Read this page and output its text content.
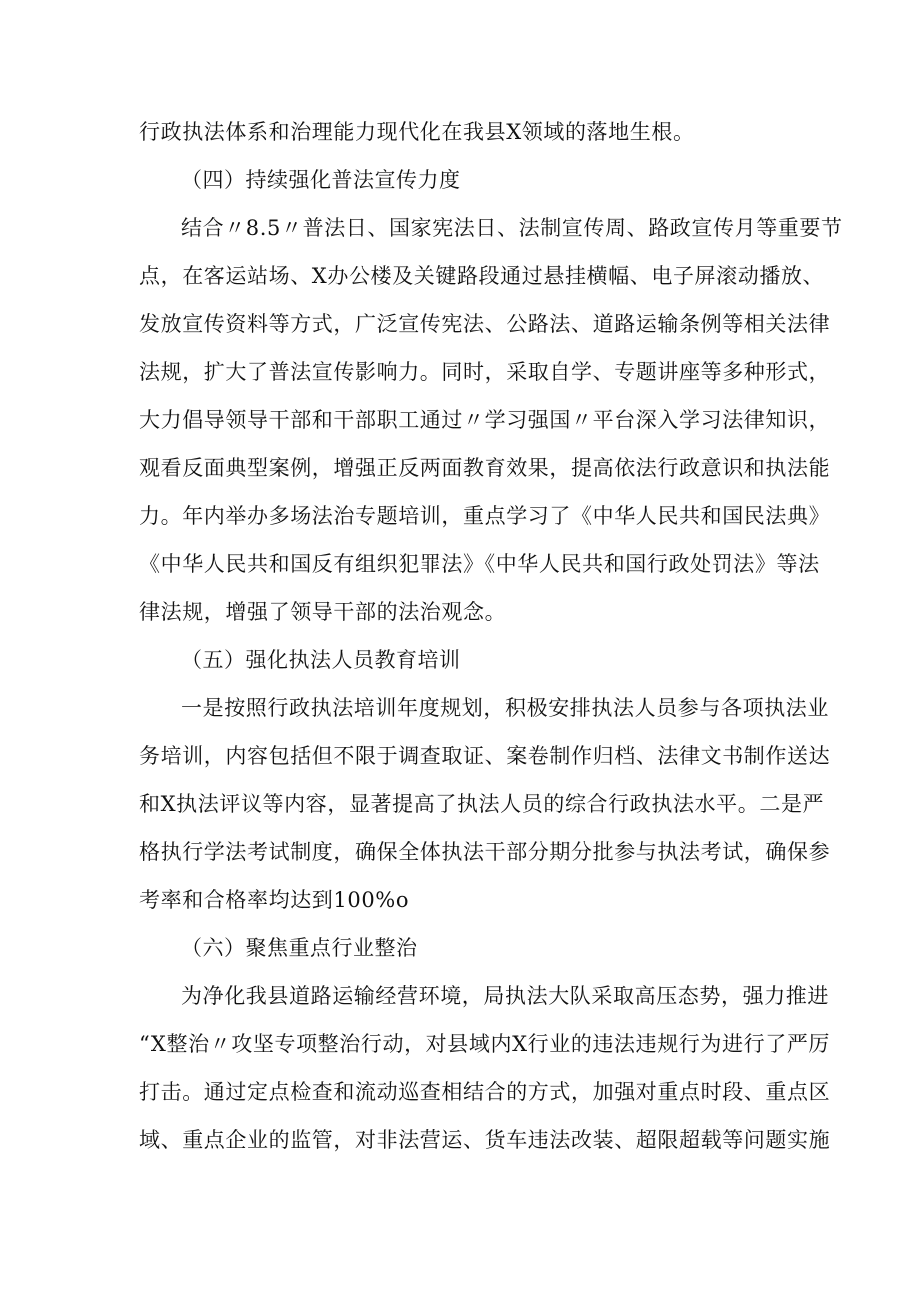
行政执法体系和治理能力现代化在我县X领域的落地生根。
（四）持续强化普法宣传力度
结合〃8.5〃普法日、国家宪法日、法制宣传周、路政宣传月等重要节
点，在客运站场、X办公楼及关键路段通过悬挂横幅、电子屏滚动播放、
发放宣传资料等方式，广泛宣传宪法、公路法、道路运输条例等相关法律
法规，扩大了普法宣传影响力。同时，采取自学、专题讲座等多种形式，
大力倡导领导干部和干部职工通过〃学习强国〃平台深入学习法律知识，
观看反面典型案例，增强正反两面教育效果，提高依法行政意识和执法能
力。年内举办多场法治专题培训，重点学习了《中华人民共和国民法典》
《中华人民共和国反有组织犯罪法》《中华人民共和国行政处罚法》等法
律法规，增强了领导干部的法治观念。
（五）强化执法人员教育培训
一是按照行政执法培训年度规划，积极安排执法人员参与各项执法业
务培训，内容包括但不限于调查取证、案卷制作归档、法律文书制作送达
和X执法评议等内容，显著提高了执法人员的综合行政执法水平。二是严
格执行学法考试制度，确保全体执法干部分期分批参与执法考试，确保参
考率和合格率均达到100%o
（六）聚焦重点行业整治
为净化我县道路运输经营环境，局执法大队采取高压态势，强力推进
“X整治〃攻坚专项整治行动，对县域内X行业的违法违规行为进行了严厉
打击。通过定点检查和流动巡查相结合的方式，加强对重点时段、重点区
域、重点企业的监管，对非法营运、货车违法改装、超限超载等问题实施
